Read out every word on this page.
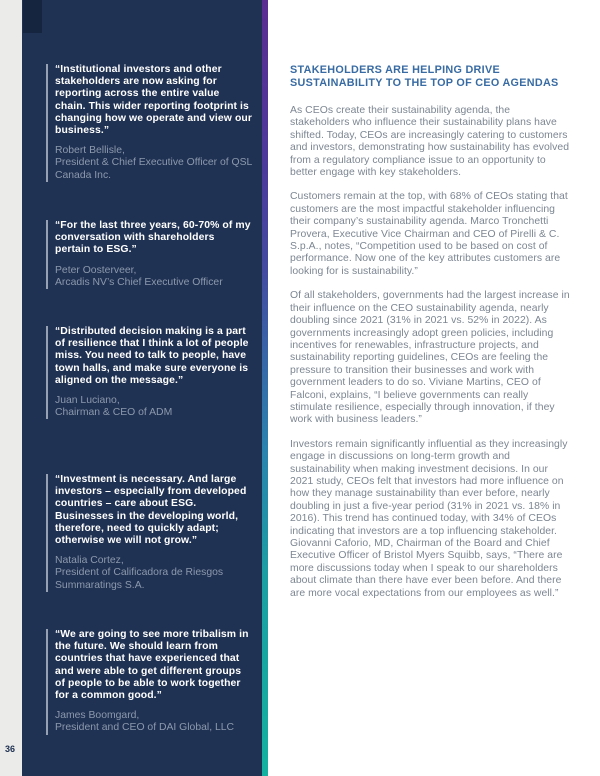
36
“Institutional investors and other stakeholders are now asking for reporting across the entire value chain. This wider reporting footprint is changing how we operate and view our business.”
Robert Bellisle,
President & Chief Executive Officer of QSL Canada Inc.
“For the last three years, 60-70% of my conversation with shareholders pertain to ESG.”
Peter Oosterveer,
Arcadis NV’s Chief Executive Officer
“Distributed decision making is a part of resilience that I think a lot of people miss. You need to talk to people, have town halls, and make sure everyone is aligned on the message.”
Juan Luciano,
Chairman & CEO of ADM
“Investment is necessary. And large investors – especially from developed countries – care about ESG. Businesses in the developing world, therefore, need to quickly adapt; otherwise we will not grow.”
Natalia Cortez,
President of Calificadora de Riesgos Summaratings S.A.
“We are going to see more tribalism in the future. We should learn from countries that have experienced that and were able to get different groups of people to be able to work together for a common good.”
James Boomgard,
President and CEO of DAI Global, LLC
STAKEHOLDERS ARE HELPING DRIVE SUSTAINABILITY TO THE TOP OF CEO AGENDAS

As CEOs create their sustainability agenda, the stakeholders who influence their sustainability plans have shifted. Today, CEOs are increasingly catering to customers and investors, demonstrating how sustainability has evolved from a regulatory compliance issue to an opportunity to better engage with key stakeholders.

Customers remain at the top, with 68% of CEOs stating that customers are the most impactful stakeholder influencing their company’s sustainability agenda. Marco Tronchetti Provera, Executive Vice Chairman and CEO of Pirelli & C. S.p.A., notes, “Competition used to be based on cost of performance. Now one of the key attributes customers are looking for is sustainability.”

Of all stakeholders, governments had the largest increase in their influence on the CEO sustainability agenda, nearly doubling since 2021 (31% in 2021 vs. 52% in 2022). As governments increasingly adopt green policies, including incentives for renewables, infrastructure projects, and sustainability reporting guidelines, CEOs are feeling the pressure to transition their businesses and work with government leaders to do so. Viviane Martins, CEO of Falconi, explains, “I believe governments can really stimulate resilience, especially through innovation, if they work with business leaders.”

Investors remain significantly influential as they increasingly engage in discussions on long-term growth and sustainability when making investment decisions. In our 2021 study, CEOs felt that investors had more influence on how they manage sustainability than ever before, nearly doubling in just a five-year period (31% in 2021 vs. 18% in 2016). This trend has continued today, with 34% of CEOs indicating that investors are a top influencing stakeholder. Giovanni Caforio, MD, Chairman of the Board and Chief Executive Officer of Bristol Myers Squibb, says, “There are more discussions today when I speak to our shareholders about climate than there have ever been before. And there are more vocal expectations from our employees as well.”
